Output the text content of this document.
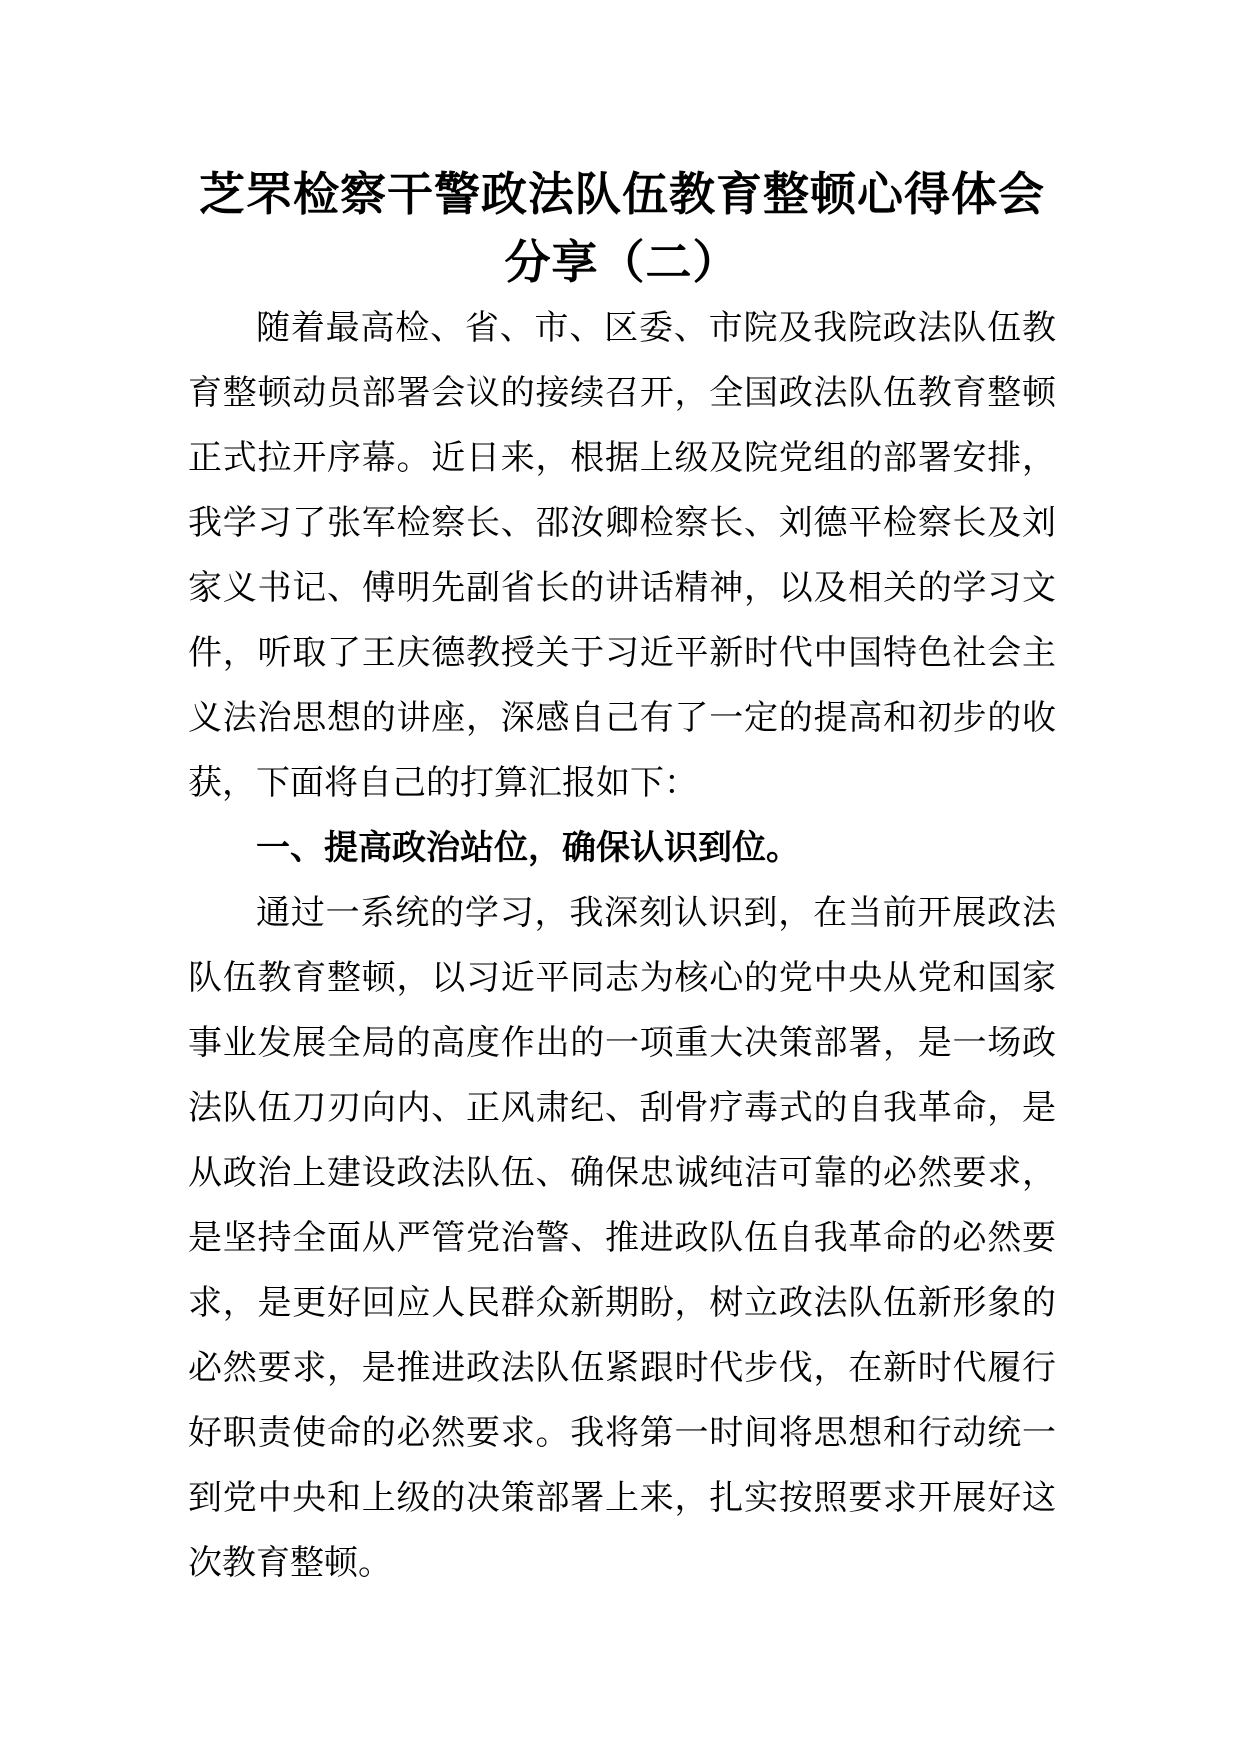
芝罘检察干警政法队伍教育整顿心得体会分享（二）

随着最高检、省、市、区委、市院及我院政法队伍教育整顿动员部署会议的接续召开，全国政法队伍教育整顿正式拉开序幕。近日来，根据上级及院党组的部署安排，我学习了张军检察长、邵汝卿检察长、刘德平检察长及刘家义书记、傅明先副省长的讲话精神，以及相关的学习文件，听取了王庆德教授关于习近平新时代中国特色社会主义法治思想的讲座，深感自己有了一定的提高和初步的收获，下面将自己的打算汇报如下：

一、提高政治站位，确保认识到位。

通过一系统的学习，我深刻认识到，在当前开展政法队伍教育整顿，以习近平同志为核心的党中央从党和国家事业发展全局的高度作出的一项重大决策部署，是一场政法队伍刀刃向内、正风肃纪、刮骨疗毒式的自我革命，是从政治上建设政法队伍、确保忠诚纯洁可靠的必然要求，是坚持全面从严管党治警、推进政队伍自我革命的必然要求，是更好回应人民群众新期盼，树立政法队伍新形象的必然要求，是推进政法队伍紧跟时代步伐，在新时代履行好职责使命的必然要求。我将第一时间将思想和行动统一到党中央和上级的决策部署上来，扎实按照要求开展好这次教育整顿。
